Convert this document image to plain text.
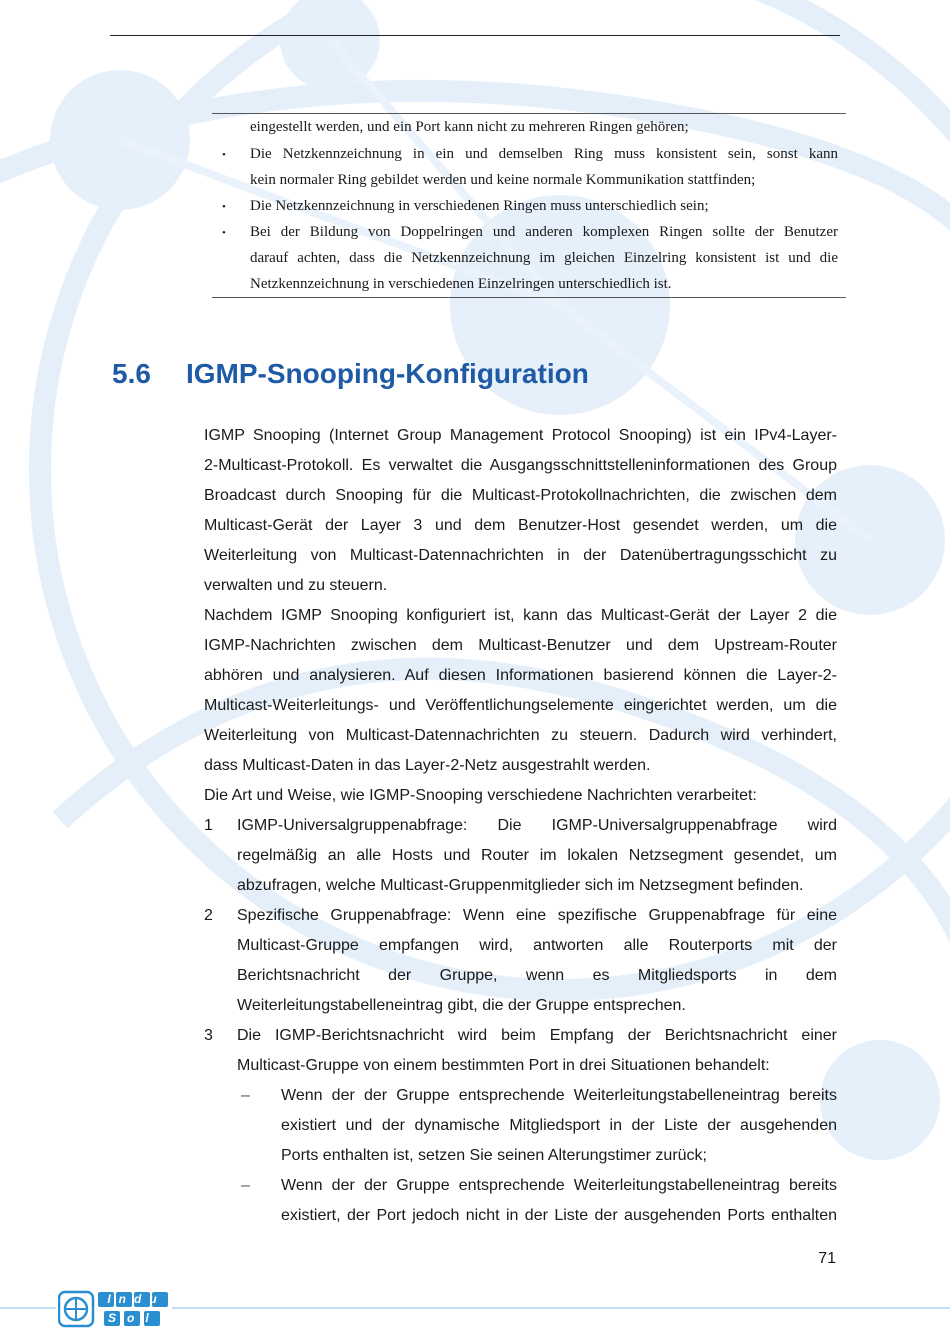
eingestellt werden, und ein Port kann nicht zu mehreren Ringen gehören;
• Die Netzkennzeichnung in ein und demselben Ring muss konsistent sein, sonst kann
kein normaler Ring gebildet werden und keine normale Kommunikation stattfinden;
• Die Netzkennzeichnung in verschiedenen Ringen muss unterschiedlich sein;
• Bei der Bildung von Doppelringen und anderen komplexen Ringen sollte der Benutzer
darauf achten, dass die Netzkennzeichnung im gleichen Einzelring konsistent ist und die
Netzkennzeichnung in verschiedenen Einzelringen unterschiedlich ist.
5.6 IGMP-Snooping-Konfiguration
IGMP Snooping (Internet Group Management Protocol Snooping) ist ein IPv4-Layer-
2-Multicast-Protokoll. Es verwaltet die Ausgangsschnittstelleninformationen des Group
Broadcast durch Snooping für die Multicast-Protokollnachrichten, die zwischen dem
Multicast-Gerät der Layer 3 und dem Benutzer-Host gesendet werden, um die
Weiterleitung von Multicast-Datennachrichten in der Datenübertragungsschicht zu
verwalten und zu steuern.
Nachdem IGMP Snooping konfiguriert ist, kann das Multicast-Gerät der Layer 2 die
IGMP-Nachrichten zwischen dem Multicast-Benutzer und dem Upstream-Router
abhören und analysieren. Auf diesen Informationen basierend können die Layer-2-
Multicast-Weiterleitungs- und Veröffentlichungselemente eingerichtet werden, um die
Weiterleitung von Multicast-Datennachrichten zu steuern. Dadurch wird verhindert,
dass Multicast-Daten in das Layer-2-Netz ausgestrahlt werden.
Die Art und Weise, wie IGMP-Snooping verschiedene Nachrichten verarbeitet:
1 IGMP-Universalgruppenabfrage: Die IGMP-Universalgruppenabfrage wird
regelmäßig an alle Hosts und Router im lokalen Netzsegment gesendet, um
abzufragen, welche Multicast-Gruppenmitglieder sich im Netzsegment befinden.
2 Spezifische Gruppenabfrage: Wenn eine spezifische Gruppenabfrage für eine
Multicast-Gruppe empfangen wird, antworten alle Routerports mit der
Berichtsnachricht der Gruppe, wenn es Mitgliedsports in dem
Weiterleitungstabelleneintrag gibt, die der Gruppe entsprechen.
3 Die IGMP-Berichtsnachricht wird beim Empfang der Berichtsnachricht einer
Multicast-Gruppe von einem bestimmten Port in drei Situationen behandelt:
– Wenn der der Gruppe entsprechende Weiterleitungstabelleneintrag bereits
existiert und der dynamische Mitgliedsport in der Liste der ausgehenden
Ports enthalten ist, setzen Sie seinen Alterungstimer zurück;
– Wenn der der Gruppe entsprechende Weiterleitungstabelleneintrag bereits
existiert, der Port jedoch nicht in der Liste der ausgehenden Ports enthalten
71
Indu
Sol
